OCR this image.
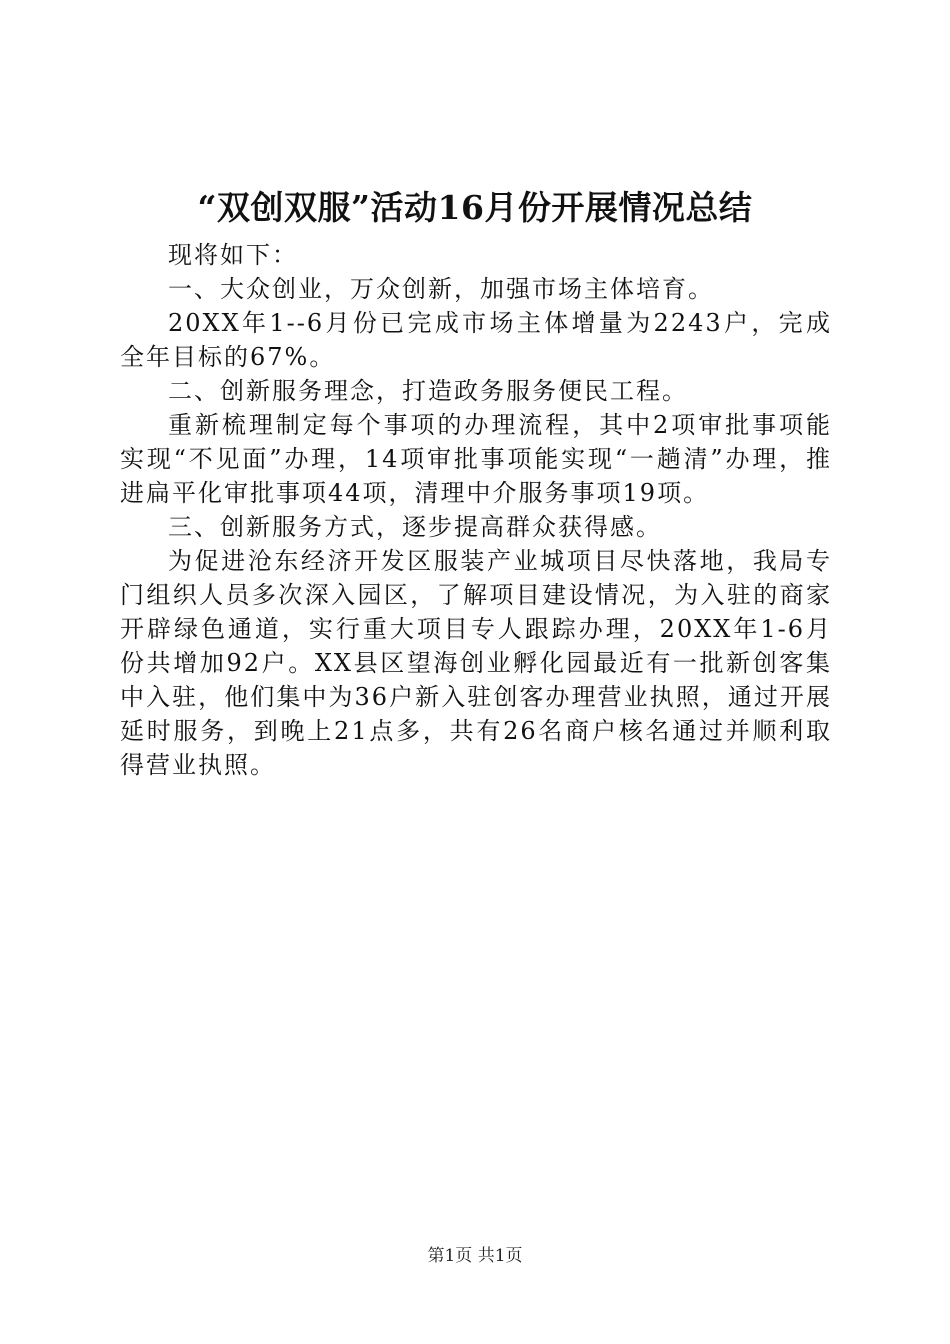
“双创双服”活动16月份开展情况总结

现将如下：

一、大众创业，万众创新，加强市场主体培育。

20XX年1--6月份已完成市场主体增量为2243户，完成全年目标的67%。

二、创新服务理念，打造政务服务便民工程。

重新梳理制定每个事项的办理流程，其中2项审批事项能实现“不见面”办理，14项审批事项能实现“一趟清”办理，推进扁平化审批事项44项，清理中介服务事项19项。

三、创新服务方式，逐步提高群众获得感。

为促进沧东经济开发区服装产业城项目尽快落地，我局专门组织人员多次深入园区，了解项目建设情况，为入驻的商家开辟绿色通道，实行重大项目专人跟踪办理，20XX年1-6月份共增加92户。XX县区望海创业孵化园最近有一批新创客集中入驻，他们集中为36户新入驻创客办理营业执照，通过开展延时服务，到晚上21点多，共有26名商户核名通过并顺利取得营业执照。

第1页 共1页
